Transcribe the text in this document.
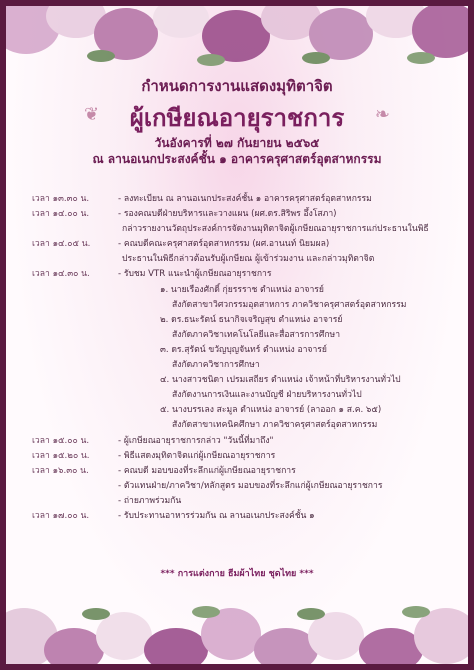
กำหนดการงานแสดงมุทิตาจิต
❦	❧
ผู้เกษียณอายุราชการ
วันอังคารที่ ๒๗ กันยายน ๒๕๖๕
ณ ลานอเนกประสงค์ชั้น ๑ อาคารครุศาสตร์อุตสาหกรรม
เวลา ๑๓.๓๐ น.	- ลงทะเบียน ณ ลานอเนกประสงค์ชั้น ๑ อาคารครุศาสตร์อุตสาหกรรม
เวลา ๑๔.๐๐ น.	- รองคณบดีฝ่ายบริหารและวางแผน (ผศ.ดร.สิริพร อึ้งโสภา)
กล่าวรายงานวัตถุประสงค์การจัดงานมุทิตาจิตผู้เกษียณอายุราชการแก่ประธานในพิธี
เวลา ๑๔.๐๕ น.	- คณบดีคณะครุศาสตร์อุตสาหกรรม (ผศ.อานนท์ นิยมผล)
ประธานในพิธีกล่าวต้อนรับผู้เกษียณ ผู้เข้าร่วมงาน และกล่าวมุทิตาจิต
เวลา ๑๔.๓๐ น.	- รับชม VTR แนะนำผู้เกษียณอายุราชการ
๑. นายเรืองศักดิ์ กุ่ยรรราช ตำแหน่ง อาจารย์
สังกัดสาขาวิศวกรรมอุตสาหการ ภาควิชาครุศาสตร์อุตสาหกรรม
๒. ดร.ธนะรัตน์ ธนากิจเจริญสุข ตำแหน่ง อาจารย์
สังกัดภาควิชาเทคโนโลยีและสื่อสารการศึกษา
๓. ดร.สุรัตน์ ขวัญบุญจันทร์ ตำแหน่ง อาจารย์
สังกัดภาควิชาการศึกษา
๔. นางสาวชนิดา เปรมเสถียร ตำแหน่ง เจ้าหน้าที่บริหารงานทั่วไป
สังกัดงานการเงินและงานบัญชี ฝ่ายบริหารงานทั่วไป
๕. นางบรรเลง สะมูล ตำแหน่ง อาจารย์ (ลาออก ๑ ส.ค. ๖๕)
สังกัดสาขาเทคนิคศึกษา ภาควิชาครุศาสตร์อุตสาหกรรม
เวลา ๑๕.๐๐ น.	- ผู้เกษียณอายุราชการกล่าว "วันนี้ที่มาถึง"
เวลา ๑๕.๒๐ น.	- พิธีแสดงมุทิตาจิตแก่ผู้เกษียณอายุราชการ
เวลา ๑๖.๓๐ น.	- คณบดี มอบของที่ระลึกแก่ผู้เกษียณอายุราชการ
- ตัวแทนฝ่าย/ภาควิชา/หลักสูตร มอบของที่ระลึกแก่ผู้เกษียณอายุราชการ
- ถ่ายภาพร่วมกัน
เวลา ๑๗.๐๐ น.	- รับประทานอาหารร่วมกัน ณ ลานอเนกประสงค์ชั้น ๑
*** การแต่งกาย ธีมผ้าไทย ชุดไทย ***
